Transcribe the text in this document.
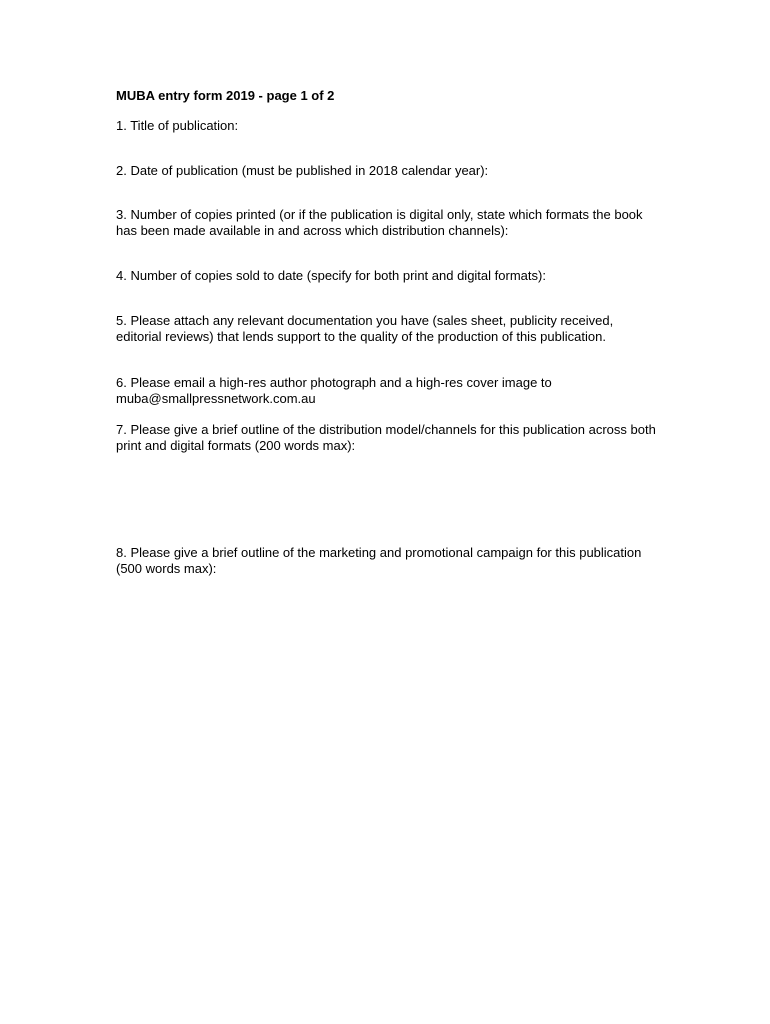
MUBA entry form 2019 - page 1 of 2

1. Title of publication:

2. Date of publication (must be published in 2018 calendar year):

3. Number of copies printed (or if the publication is digital only, state which formats the book has been made available in and across which distribution channels):

4. Number of copies sold to date (specify for both print and digital formats):

5. Please attach any relevant documentation you have (sales sheet, publicity received, editorial reviews) that lends support to the quality of the production of this publication.

6. Please email a high-res author photograph and a high-res cover image to muba@smallpressnetwork.com.au

7. Please give a brief outline of the distribution model/channels for this publication across both print and digital formats (200 words max):

8. Please give a brief outline of the marketing and promotional campaign for this publication (500 words max):
